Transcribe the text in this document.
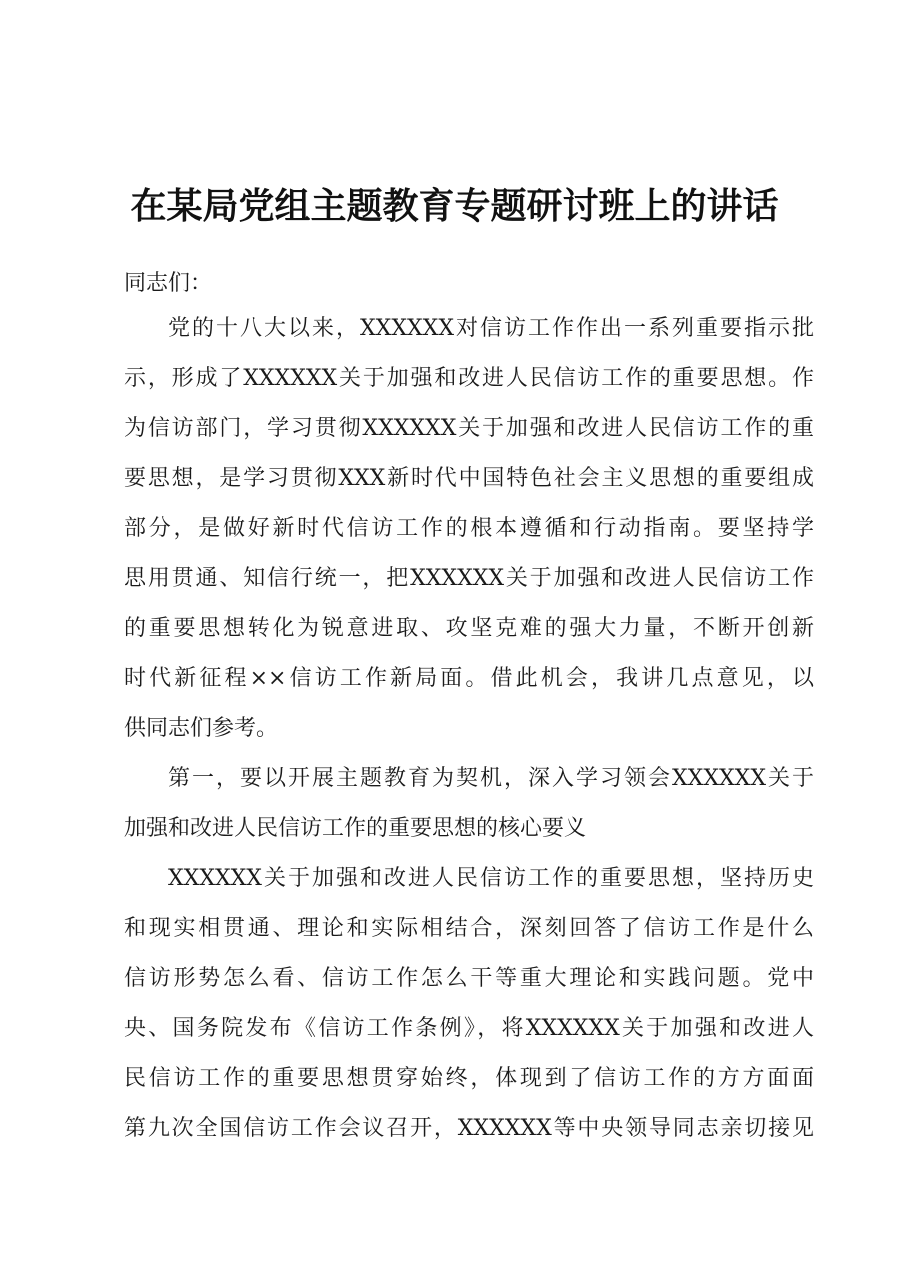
在某局党组主题教育专题研讨班上的讲话
同志们：
党的十八大以来，XXXXXX对信访工作作出一系列重要指示批
示，形成了XXXXXX关于加强和改进人民信访工作的重要思想。作
为信访部门，学习贯彻XXXXXX关于加强和改进人民信访工作的重
要思想，是学习贯彻XXX新时代中国特色社会主义思想的重要组成
部分，是做好新时代信访工作的根本遵循和行动指南。要坚持学
思用贯通、知信行统一，把XXXXXX关于加强和改进人民信访工作
的重要思想转化为锐意进取、攻坚克难的强大力量，不断开创新
时代新征程××信访工作新局面。借此机会，我讲几点意见，以
供同志们参考。
第一，要以开展主题教育为契机，深入学习领会XXXXXX关于
加强和改进人民信访工作的重要思想的核心要义
XXXXXX关于加强和改进人民信访工作的重要思想，坚持历史
和现实相贯通、理论和实际相结合，深刻回答了信访工作是什么
信访形势怎么看、信访工作怎么干等重大理论和实践问题。党中
央、国务院发布《信访工作条例》，将XXXXXX关于加强和改进人
民信访工作的重要思想贯穿始终，体现到了信访工作的方方面面
第九次全国信访工作会议召开，XXXXXX等中央领导同志亲切接见
